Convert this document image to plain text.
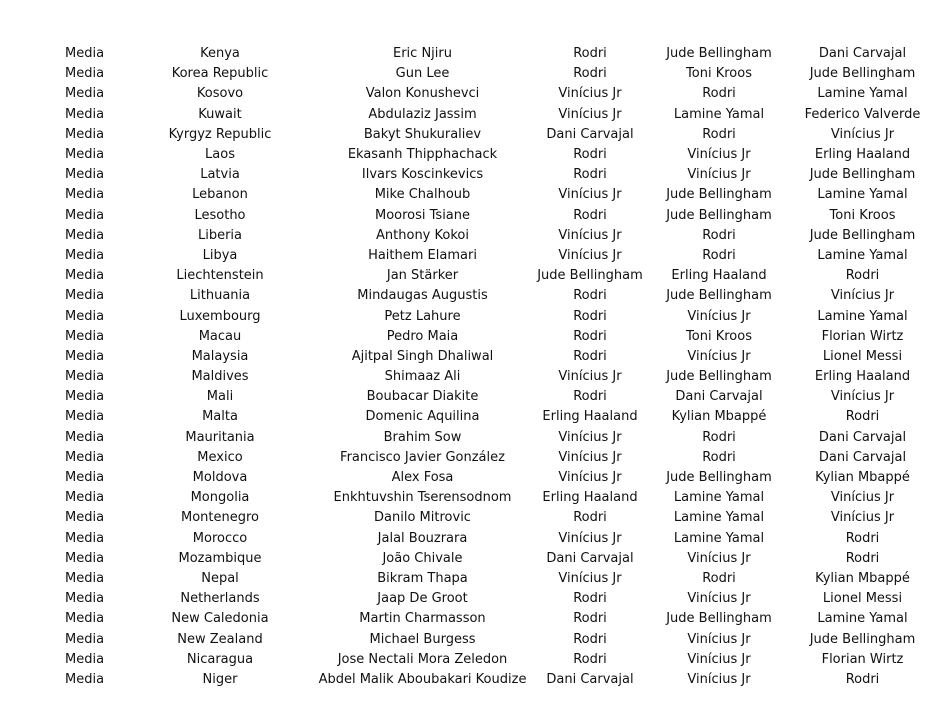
Media	Kenya	Eric Njiru	Rodri	Jude Bellingham	Dani Carvajal
Media	Korea Republic	Gun Lee	Rodri	Toni Kroos	Jude Bellingham
Media	Kosovo	Valon Konushevci	Vinícius Jr	Rodri	Lamine Yamal
Media	Kuwait	Abdulaziz Jassim	Vinícius Jr	Lamine Yamal	Federico Valverde
Media	Kyrgyz Republic	Bakyt Shukuraliev	Dani Carvajal	Rodri	Vinícius Jr
Media	Laos	Ekasanh Thipphachack	Rodri	Vinícius Jr	Erling Haaland
Media	Latvia	Ilvars Koscinkevics	Rodri	Vinícius Jr	Jude Bellingham
Media	Lebanon	Mike Chalhoub	Vinícius Jr	Jude Bellingham	Lamine Yamal
Media	Lesotho	Moorosi Tsiane	Rodri	Jude Bellingham	Toni Kroos
Media	Liberia	Anthony Kokoi	Vinícius Jr	Rodri	Jude Bellingham
Media	Libya	Haithem Elamari	Vinícius Jr	Rodri	Lamine Yamal
Media	Liechtenstein	Jan Stärker	Jude Bellingham	Erling Haaland	Rodri
Media	Lithuania	Mindaugas Augustis	Rodri	Jude Bellingham	Vinícius Jr
Media	Luxembourg	Petz Lahure	Rodri	Vinícius Jr	Lamine Yamal
Media	Macau	Pedro Maia	Rodri	Toni Kroos	Florian Wirtz
Media	Malaysia	Ajitpal Singh Dhaliwal	Rodri	Vinícius Jr	Lionel Messi
Media	Maldives	Shimaaz Ali	Vinícius Jr	Jude Bellingham	Erling Haaland
Media	Mali	Boubacar Diakite	Rodri	Dani Carvajal	Vinícius Jr
Media	Malta	Domenic Aquilina	Erling Haaland	Kylian Mbappé	Rodri
Media	Mauritania	Brahim Sow	Vinícius Jr	Rodri	Dani Carvajal
Media	Mexico	Francisco Javier González	Vinícius Jr	Rodri	Dani Carvajal
Media	Moldova	Alex Fosa	Vinícius Jr	Jude Bellingham	Kylian Mbappé
Media	Mongolia	Enkhtuvshin Tserensodnom	Erling Haaland	Lamine Yamal	Vinícius Jr
Media	Montenegro	Danilo Mitrovic	Rodri	Lamine Yamal	Vinícius Jr
Media	Morocco	Jalal Bouzrara	Vinícius Jr	Lamine Yamal	Rodri
Media	Mozambique	João Chivale	Dani Carvajal	Vinícius Jr	Rodri
Media	Nepal	Bikram Thapa	Vinícius Jr	Rodri	Kylian Mbappé
Media	Netherlands	Jaap De Groot	Rodri	Vinícius Jr	Lionel Messi
Media	New Caledonia	Martin Charmasson	Rodri	Jude Bellingham	Lamine Yamal
Media	New Zealand	Michael Burgess	Rodri	Vinícius Jr	Jude Bellingham
Media	Nicaragua	Jose Nectali Mora Zeledon	Rodri	Vinícius Jr	Florian Wirtz
Media	Niger	Abdel Malik Aboubakari Koudize	Dani Carvajal	Vinícius Jr	Rodri
